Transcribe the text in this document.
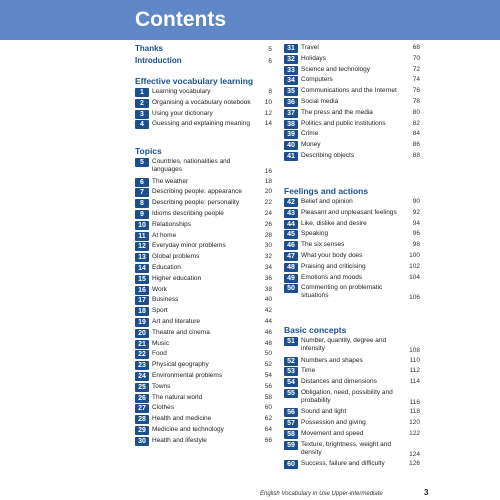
Contents
Thanks	5
Introduction	6
Effective vocabulary learning
1	Learning vocabulary	8
2	Organising a vocabulary notebook	10
3	Using your dictionary	12
4	Guessing and explaining meaning	14
Topics
5	Countries, nationalities and languages	16
6	The weather	18
7	Describing people: appearance	20
8	Describing people: personality	22
9	Idioms describing people	24
10 Relationships	26
11 At home	28
12 Everyday minor problems	30
13 Global problems	32
14 Education	34
15 Higher education	36
16 Work	38
17 Business	40
18 Sport	42
19 Art and literature	44
20 Theatre and cinema	46
21 Music	48
22 Food	50
23 Physical geography	52
24 Environmental problems	54
25 Towns	56
26 The natural world	58
27 Clothes	60
28 Health and medicine	62
29 Medicine and technology	64
30 Health and lifestyle	66
31 Travel	68
32 Holidays	70
33 Science and technology	72
34 Computers	74
35 Communications and the Internet	76
36 Social media	78
37 The press and the media	80
38 Politics and public institutions	82
39 Crime	84
40 Money	86
41 Describing objects	88
Feelings and actions
42 Belief and opinion	90
43 Pleasant and unpleasant feelings	92
44 Like, dislike and desire	94
45 Speaking	96
46 The six senses	98
47 What your body does	100
48 Praising and criticising	102
49 Emotions and moods	104
50 Commenting on problematic situations	106
Basic concepts
51 Number, quantity, degree and intensity	108
52 Numbers and shapes	110
53 Time	112
54 Distances and dimensions	114
55 Obligation, need, possibility and probability	116
56 Sound and light	118
57 Possession and giving	120
58 Movement and speed	122
59 Texture, brightness, weight and density	124
60 Success, failure and difficulty	126
English Vocabulary in Use Upper-intermediate	3
